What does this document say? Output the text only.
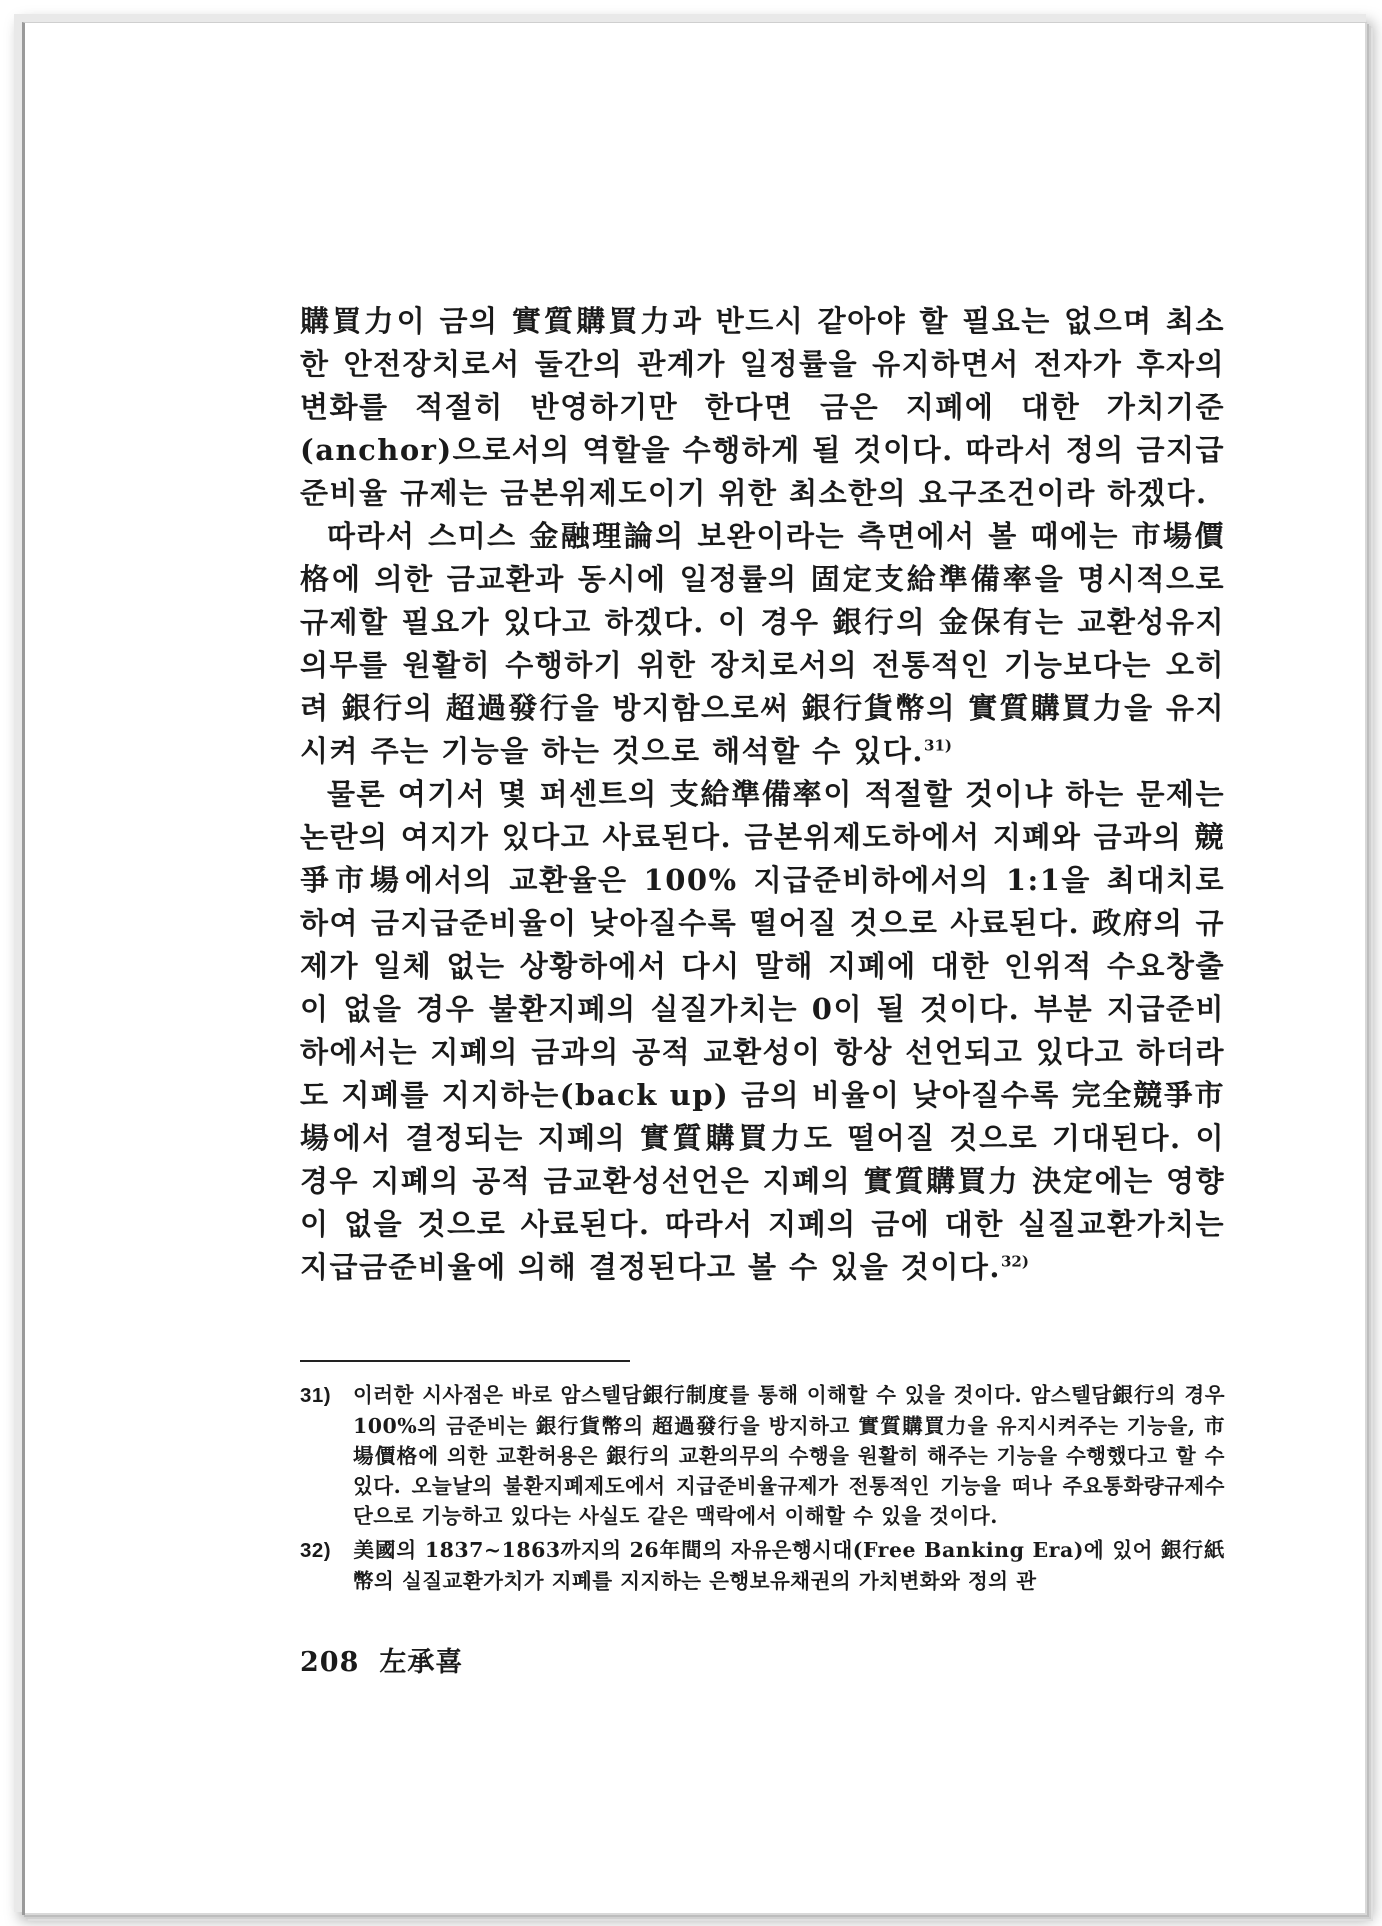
購買力이 금의 實質購買力과 반드시 같아야 할 필요는 없으며 최소한 안전장치로서 둘간의 관계가 일정률을 유지하면서 전자가 후자의 변화를 적절히 반영하기만 한다면 금은 지폐에 대한 가치기준(anchor)으로서의 역할을 수행하게 될 것이다. 따라서 정의 금지급준비율 규제는 금본위제도이기 위한 최소한의 요구조건이라 하겠다.

따라서 스미스 金融理論의 보완이라는 측면에서 볼 때에는 市場價格에 의한 금교환과 동시에 일정률의 固定支給準備率을 명시적으로 규제할 필요가 있다고 하겠다. 이 경우 銀行의 金保有는 교환성유지의무를 원활히 수행하기 위한 장치로서의 전통적인 기능보다는 오히려 銀行의 超過發行을 방지함으로써 銀行貨幣의 實質購買力을 유지시켜 주는 기능을 하는 것으로 해석할 수 있다.$^{31)}$

물론 여기서 몇 퍼센트의 支給準備率이 적절할 것이냐 하는 문제는 논란의 여지가 있다고 사료된다. 금본위제도하에서 지폐와 금과의 競爭市場에서의 교환율은 100% 지급준비하에서의 1:1을 최대치로 하여 금지급준비율이 낮아질수록 떨어질 것으로 사료된다. 政府의 규제가 일체 없는 상황하에서 다시 말해 지폐에 대한 인위적 수요창출이 없을 경우 불환지폐의 실질가치는 0이 될 것이다. 부분 지급준비하에서는 지폐의 금과의 공적 교환성이 항상 선언되고 있다고 하더라도 지폐를 지지하는(back up) 금의 비율이 낮아질수록 完全競爭市場에서 결정되는 지폐의 實質購買力도 떨어질 것으로 기대된다. 이 경우 지폐의 공적 금교환성선언은 지폐의 實質購買力 決定에는 영향이 없을 것으로 사료된다. 따라서 지폐의 금에 대한 실질교환가치는 지급금준비율에 의해 결정된다고 볼 수 있을 것이다.$^{32)}$

31) 이러한 시사점은 바로 암스텔담銀行制度를 통해 이해할 수 있을 것이다. 암스텔담銀行의 경우 100%의 금준비는 銀行貨幣의 超過發行을 방지하고 實質購買力을 유지시켜주는 기능을, 市場價格에 의한 교환허용은 銀行의 교환의무의 수행을 원활히 해주는 기능을 수행했다고 할 수 있다. 오늘날의 불환지폐제도에서 지급준비율규제가 전통적인 기능을 떠나 주요통화량규제수단으로 기능하고 있다는 사실도 같은 맥락에서 이해할 수 있을 것이다.

32) 美國의 1837~1863까지의 26年間의 자유은행시대(Free Banking Era)에 있어 銀行紙幣의 실질교환가치가 지폐를 지지하는 은행보유채권의 가치변화와 정의 관

208 左承喜
